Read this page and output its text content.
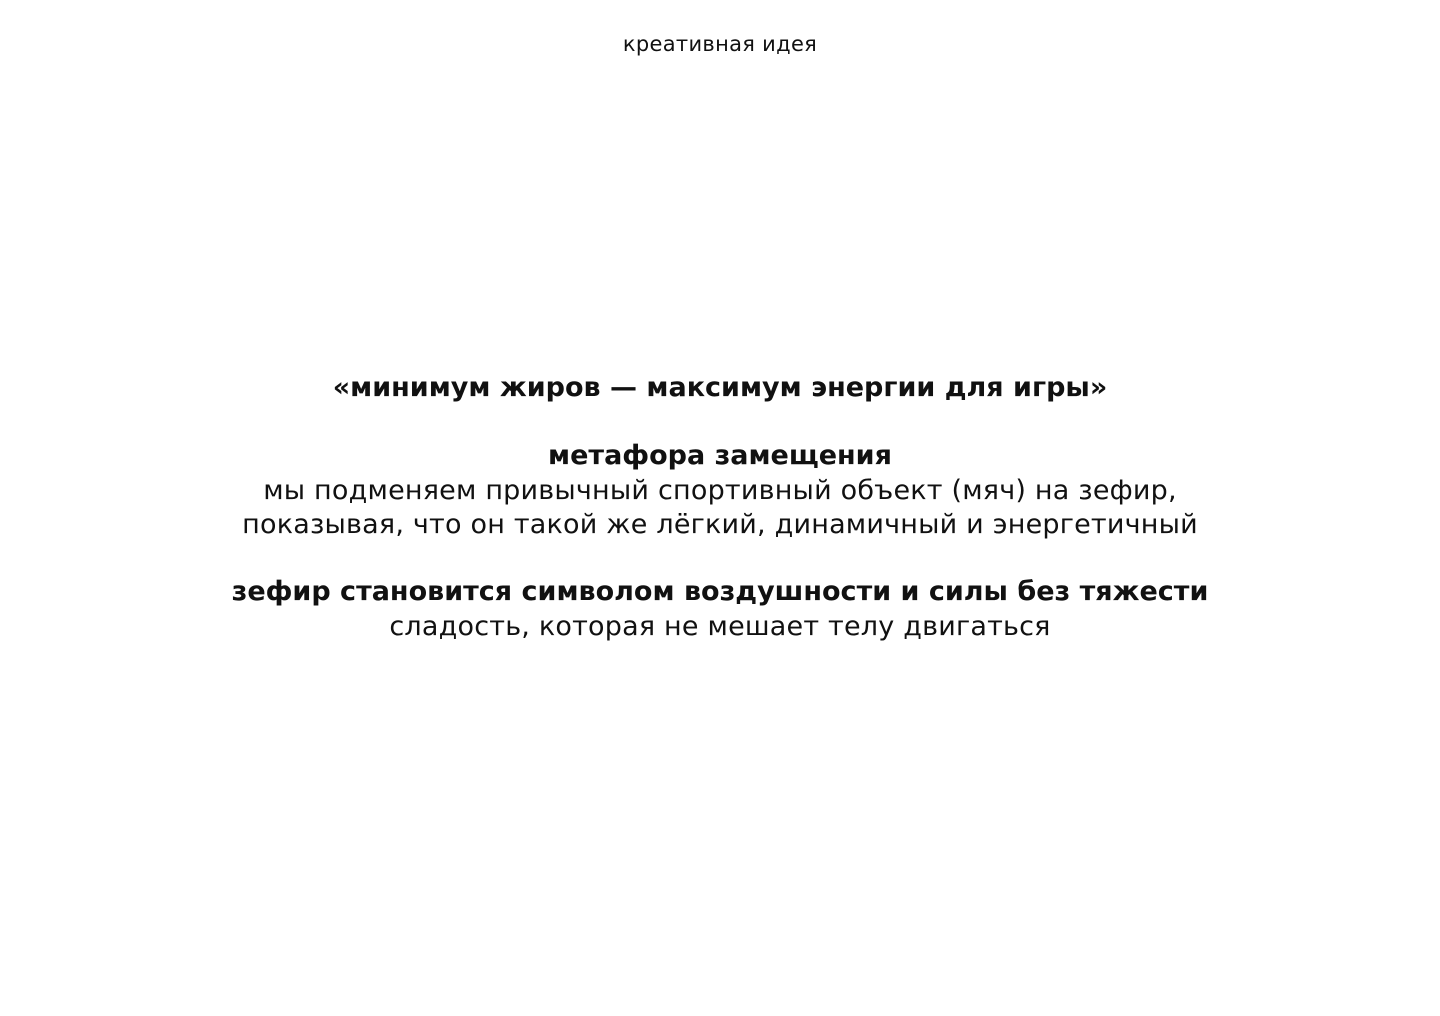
креативная идея

«минимум жиров — максимум энергии для игры»

метафора замещения

мы подменяем привычный спортивный объект (мяч) на зефир,

показывая, что он такой же лёгкий, динамичный и энергетичный

зефир становится символом воздушности и силы без тяжести

сладость, которая не мешает телу двигаться
